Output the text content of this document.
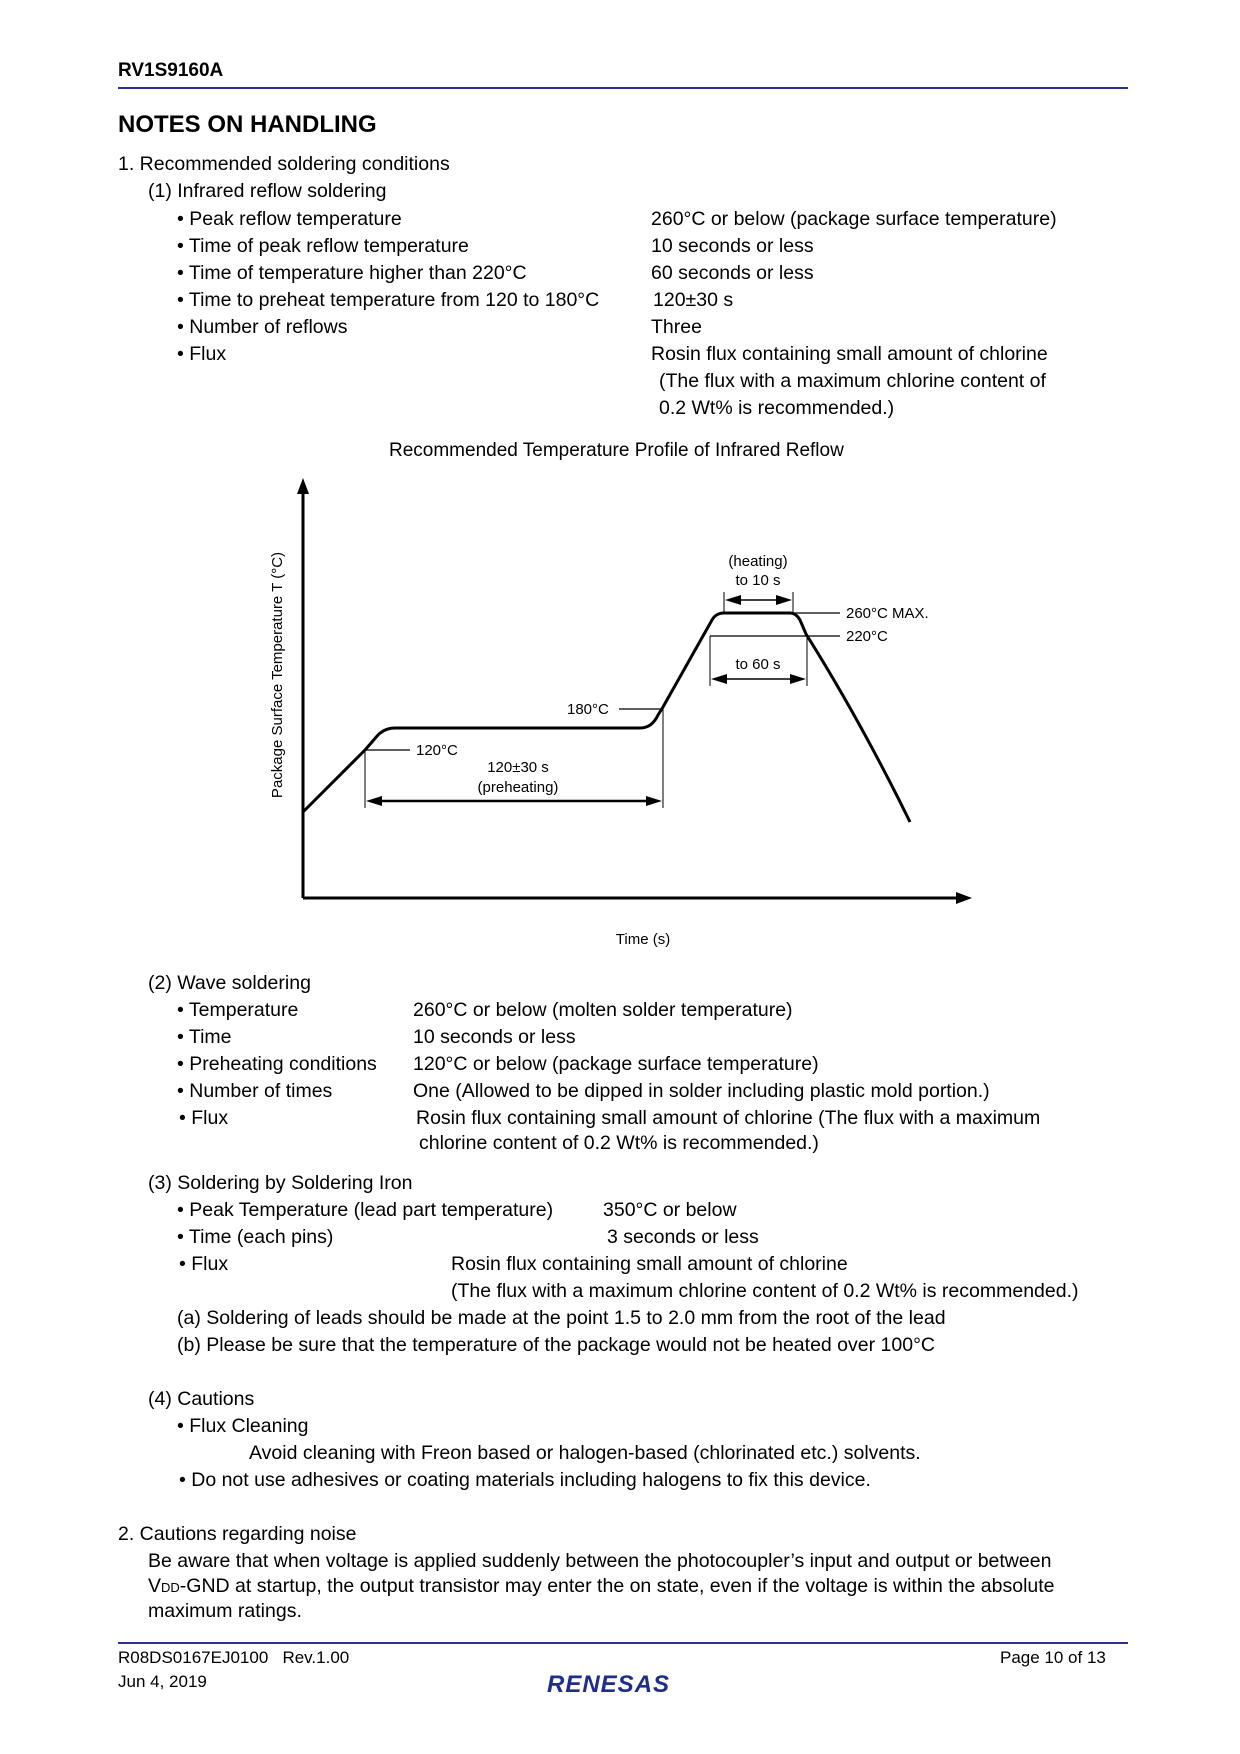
RV1S9160A
NOTES ON HANDLING
1. Recommended soldering conditions
(1) Infrared reflow soldering
• Peak reflow temperature	260°C or below (package surface temperature)
• Time of peak reflow temperature	10 seconds or less
• Time of temperature higher than 220°C	60 seconds or less
• Time to preheat temperature from 120 to 180°C	120±30 s
• Number of reflows	Three
• Flux	Rosin flux containing small amount of chlorine
(The flux with a maximum chlorine content of
0.2 Wt% is recommended.)
Recommended Temperature Profile of Infrared Reflow
120°C
180°C
260°C MAX.
220°C
120±30 s
(preheating)
(heating)
to 10 s
to 60 s
Time (s)
Package Surface Temperature T (°C)
(2) Wave soldering
• Temperature	260°C or below (molten solder temperature)
• Time	10 seconds or less
• Preheating conditions 120°C or below (package surface temperature)
• Number of times	One (Allowed to be dipped in solder including plastic mold portion.)
• Flux	Rosin flux containing small amount of chlorine (The flux with a maximum
chlorine content of 0.2 Wt% is recommended.)
(3) Soldering by Soldering Iron
• Peak Temperature (lead part temperature)	350°C or below
• Time (each pins)	3 seconds or less
• Flux	Rosin flux containing small amount of chlorine
(The flux with a maximum chlorine content of 0.2 Wt% is recommended.)
(a) Soldering of leads should be made at the point 1.5 to 2.0 mm from the root of the lead
(b) Please be sure that the temperature of the package would not be heated over 100°C
(4) Cautions
• Flux Cleaning
Avoid cleaning with Freon based or halogen-based (chlorinated etc.) solvents.
• Do not use adhesives or coating materials including halogens to fix this device.
2. Cautions regarding noise
Be aware that when voltage is applied suddenly between the photocoupler’s input and output or between
VDD-GND at startup, the output transistor may enter the on state, even if the voltage is within the absolute
maximum ratings.
R08DS0167EJ0100 Rev.1.00
Jun 4, 2019
Page 10 of 13
RENESAS
